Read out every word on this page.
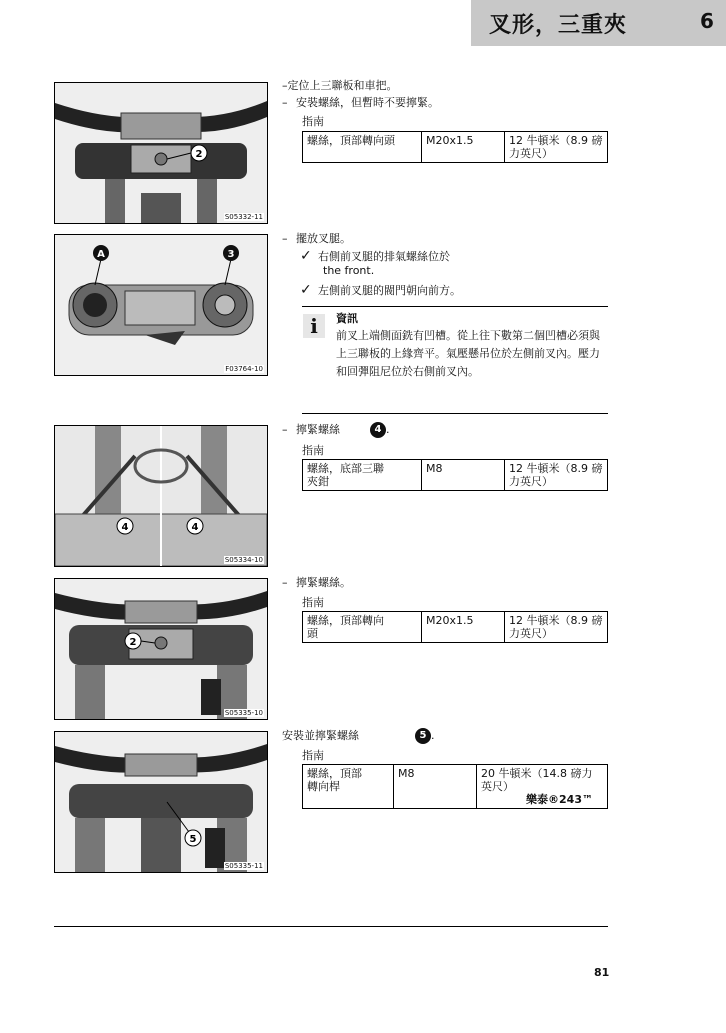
叉形，三重夾	6
2
S05332-11
A	3
F03764-10
4	4
S05334-10
2
S05335-10
5
S05335-11
–定位上三聯板和車把。
– 安裝螺絲，但暫時不要擰緊。
指南
螺絲，頂部轉向頭	M20x1.5	12 牛頓米（8.9 磅力英尺）
– 擺放叉腿。
✓ 右側前叉腿的排氣螺絲位於
the front.
✓ 左側前叉腿的閥門朝向前方。
i	資訊
前叉上端側面銑有凹槽。從上往下數第二個凹槽必須與
上三聯板的上緣齊平。氣壓懸吊位於左側前叉內。壓力
和回彈阻尼位於右側前叉內。
– 擰緊螺絲	4 .
指南
螺絲，底部三聯
夾鉗	M8	12 牛頓米（8.9 磅力英尺）
– 擰緊螺絲。
指南
螺絲，頂部轉向
頭	M20x1.5	12 牛頓米（8.9 磅力英尺）
安裝並擰緊螺絲	5 .
指南
螺絲，頂部
轉向桿	M8	20 牛頓米（14.8 磅力英尺）
樂泰®243™
81
